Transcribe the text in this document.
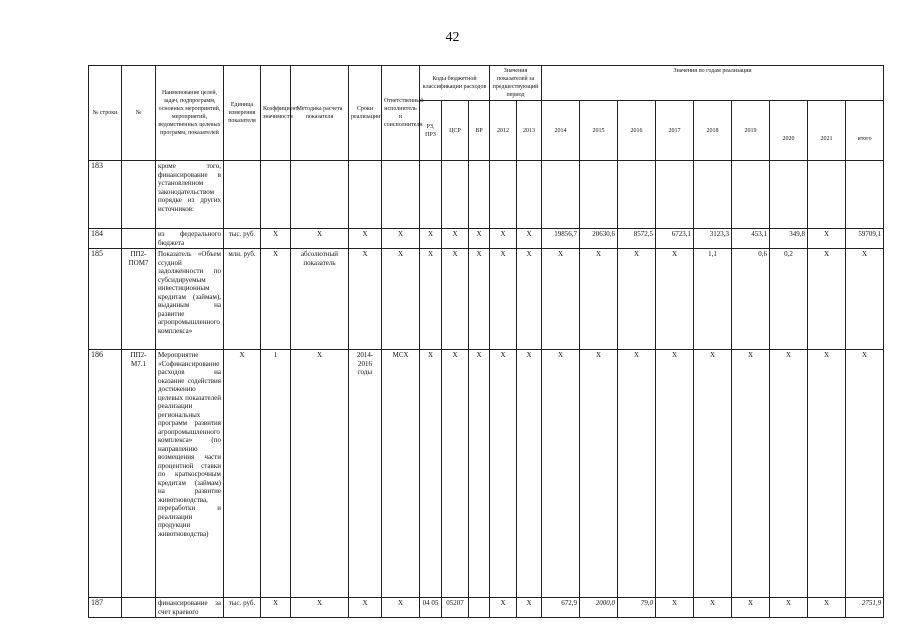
42
№ строки	№	Наименование целей, задач, подпрограмм, основных мероприятий, мероприятий, ведомственных целевых программ, показателей	Единица измерения показателя	Коэффициент значимости	Методика расчета показателя	Сроки реализации	Ответственный исполнитель и соисполнители	Коды бюджетной классификации расходов			Значения показателей за предшествующий период		Значения по годам реализации								
								РЗ, ПРЗ	ЦСР	ВР	2012	2013	2014	2015	2016	2017	2018	2019			
																			2020	2021	итого
183		кроме того, финансирование в установленном законодательством порядке из других источников:																			
184		из федерального бюджета	тыс. руб.	X	X	X	X	X	X	X	X	X	19856,7	20630,6	8572,5	6723,1	3123,3	453,1	349,8	X	59709,1
185	ПП2-ПОМ7	Показатель «Объем ссудной задолженности по субсидируемым инвестиционным кредитам (займам), выданным на развитие агропромышленного комплекса»	млн. руб.	X	абсолютный показатель	X	X	X	X	X	X	X	X	X	X	X	1,1	0,6	0,2	X	X
186	ПП2-М7.1	Мероприятие «Софинансирование расходов на оказание содействия достижению целевых показателей реализации региональных программ развития агропромышленного комплекса» (по направлению возмещения части процентной ставки по краткосрочным кредитам (займам) на развитие животноводства, переработки и реализации продукции животноводства)	X	1	X	2014-2016 годы	МСХ	X	X	X	X	X	X	X	X	X	X	X	X	X	X
187		финансирование за счет краевого	тыс. руб.	X	X	X	X	04 05	05207		X	X	672,9	2000,0	79,0	X	X	X	X	X	2751,9
